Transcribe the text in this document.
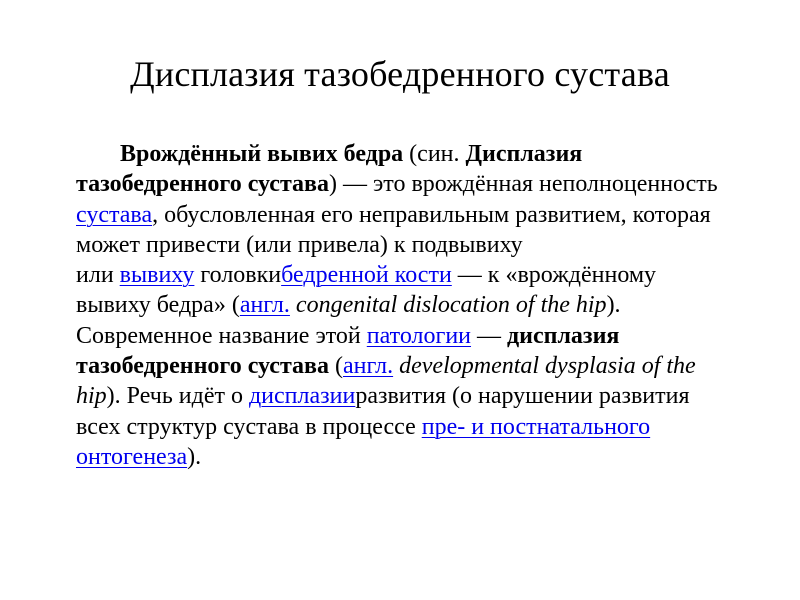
Дисплазия тазобедренного сустава

Врождённый вывих бедра (син. Дисплазия тазобедренного сустава) — это врождённая неполноценность сустава, обусловленная его неправильным развитием, которая может привести (или привела) к подвывиху
или вывиху головкибедренной кости — к «врождённому вывиху бедра» (англ. congenital dislocation of the hip). Современное название этой патологии — дисплазия тазобедренного сустава (англ. developmental dysplasia of the hip). Речь идёт о дисплазииразвития (о нарушении развития всех структур сустава в процессе пре- и постнатального онтогенеза).
